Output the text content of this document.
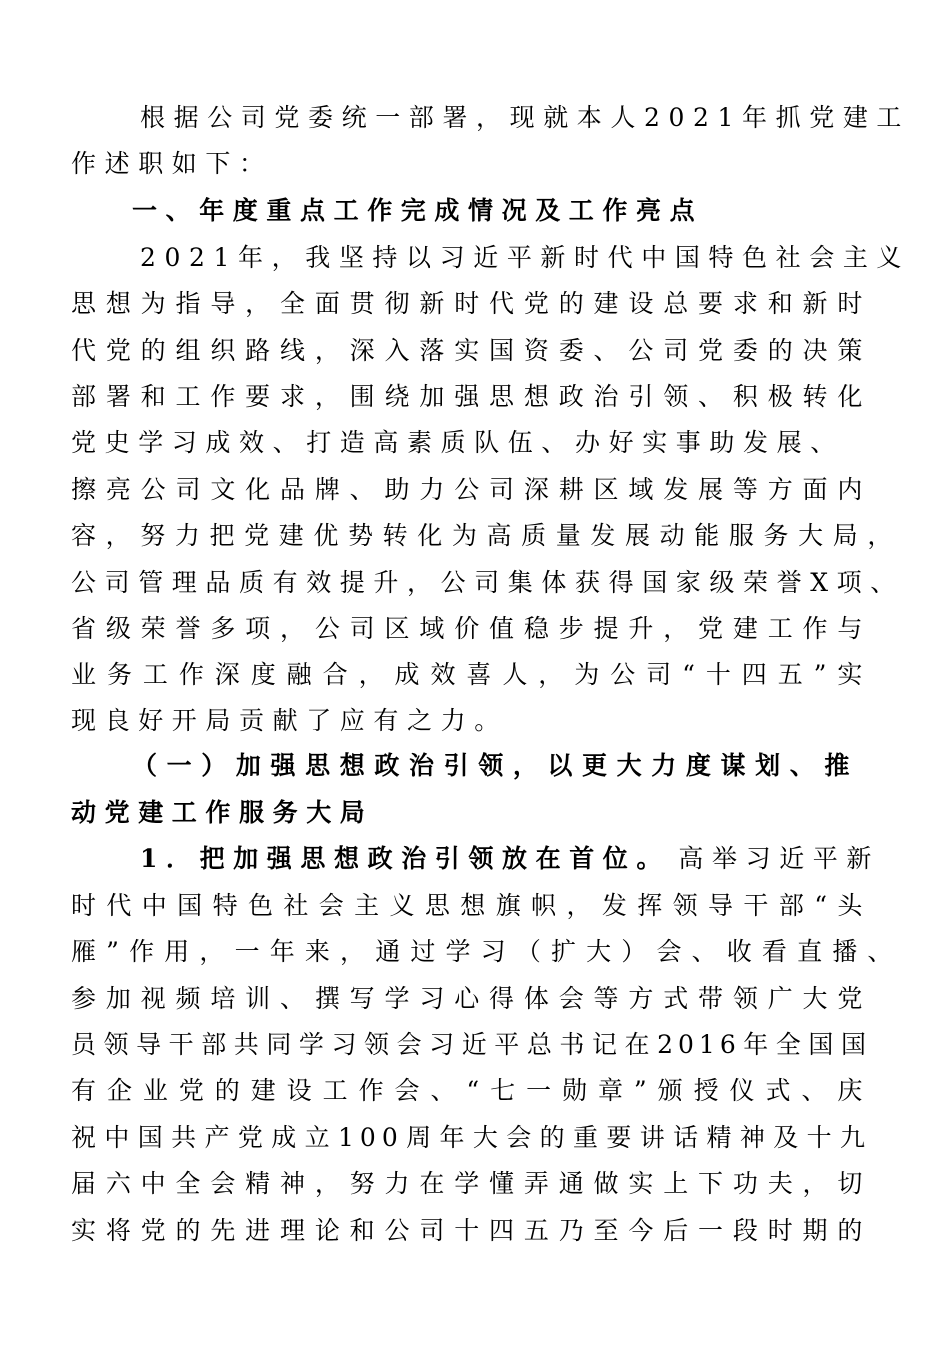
根据公司党委统一部署，现就本人2021年抓党建工
作述职如下：
一、年度重点工作完成情况及工作亮点
2021年，我坚持以习近平新时代中国特色社会主义
思想为指导，全面贯彻新时代党的建设总要求和新时
代党的组织路线，深入落实国资委、公司党委的决策
部署和工作要求，围绕加强思想政治引领、积极转化
党史学习成效、打造高素质队伍、办好实事助发展、
擦亮公司文化品牌、助力公司深耕区域发展等方面内
容，努力把党建优势转化为高质量发展动能服务大局，
公司管理品质有效提升，公司集体获得国家级荣誉X项、
省级荣誉多项，公司区域价值稳步提升，党建工作与
业务工作深度融合，成效喜人，为公司“十四五”实
现良好开局贡献了应有之力。
（一）加强思想政治引领，以更大力度谋划、推
动党建工作服务大局
1．把加强思想政治引领放在首位。 高举习近平新
时代中国特色社会主义思想旗帜，发挥领导干部“头
雁”作用，一年来，通过学习（扩大）会、收看直播、
参加视频培训、撰写学习心得体会等方式带领广大党
员领导干部共同学习领会习近平总书记在2016年全国国
有企业党的建设工作会、“七一勋章”颁授仪式、庆
祝中国共产党成立100周年大会的重要讲话精神及十九
届六中全会精神，努力在学懂弄通做实上下功夫，切
实将党的先进理论和公司十四五乃至今后一段时期的
